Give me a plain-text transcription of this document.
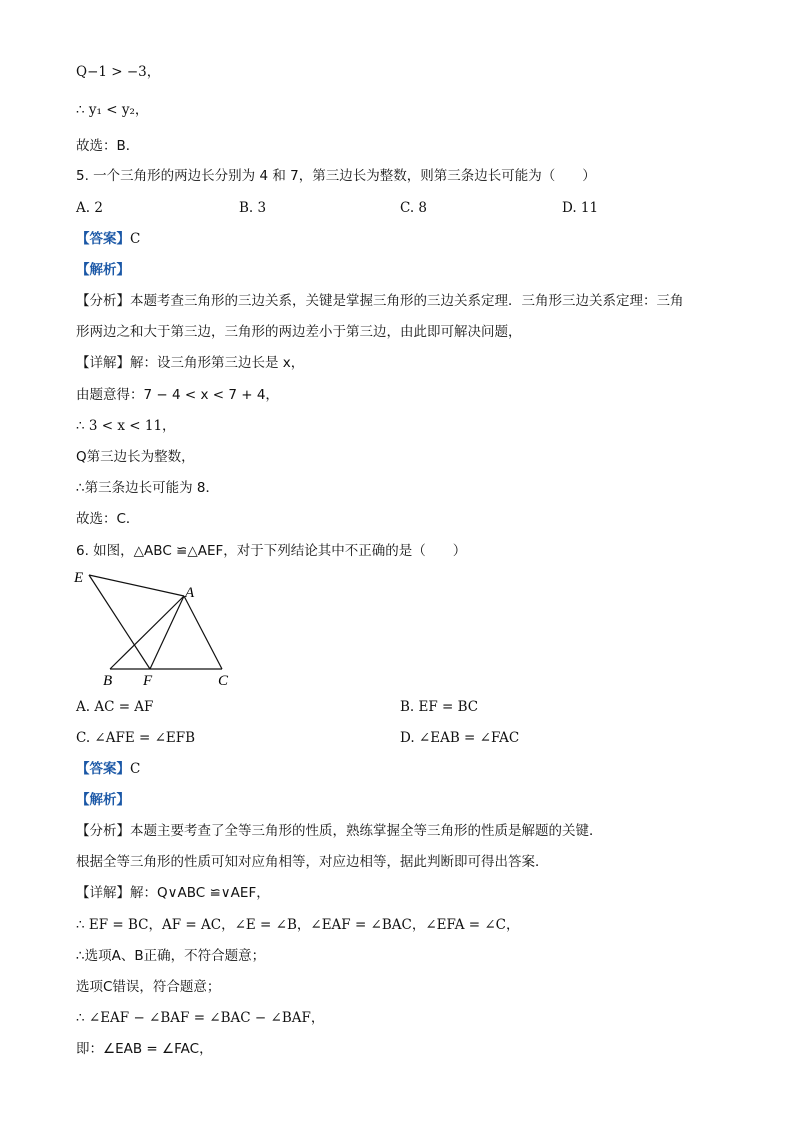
Q−1 > −3，
∴ y₁ < y₂，
故选：B．
5. 一个三角形的两边长分别为 4 和 7，第三边长为整数，则第三条边长可能为（　　）
A. 2	B. 3	C. 8	D. 11
【答案】C
【解析】
【分析】本题考查三角形的三边关系，关键是掌握三角形的三边关系定理．三角形三边关系定理：三角
形两边之和大于第三边，三角形的两边差小于第三边，由此即可解决问题，
【详解】解：设三角形第三边长是 x，
由题意得：7 − 4 < x < 7 + 4，
∴ 3 < x < 11，
Q第三边长为整数，
∴第三条边长可能为 8．
故选：C．
6. 如图，△ABC ≌△AEF，对于下列结论其中不正确的是（　　）
E
A
B F	C
A. AC = AF	B. EF = BC
C. ∠AFE = ∠EFB	D. ∠EAB = ∠FAC
【答案】C
【解析】
【分析】本题主要考查了全等三角形的性质，熟练掌握全等三角形的性质是解题的关键．
根据全等三角形的性质可知对应角相等，对应边相等，据此判断即可得出答案．
【详解】解：Q∨ABC ≌∨AEF，
∴ EF = BC，AF = AC，∠E = ∠B，∠EAF = ∠BAC，∠EFA = ∠C，
∴选项A、B正确，不符合题意；
选项C错误，符合题意；
∴ ∠EAF − ∠BAF = ∠BAC − ∠BAF，
即：∠EAB = ∠FAC，
